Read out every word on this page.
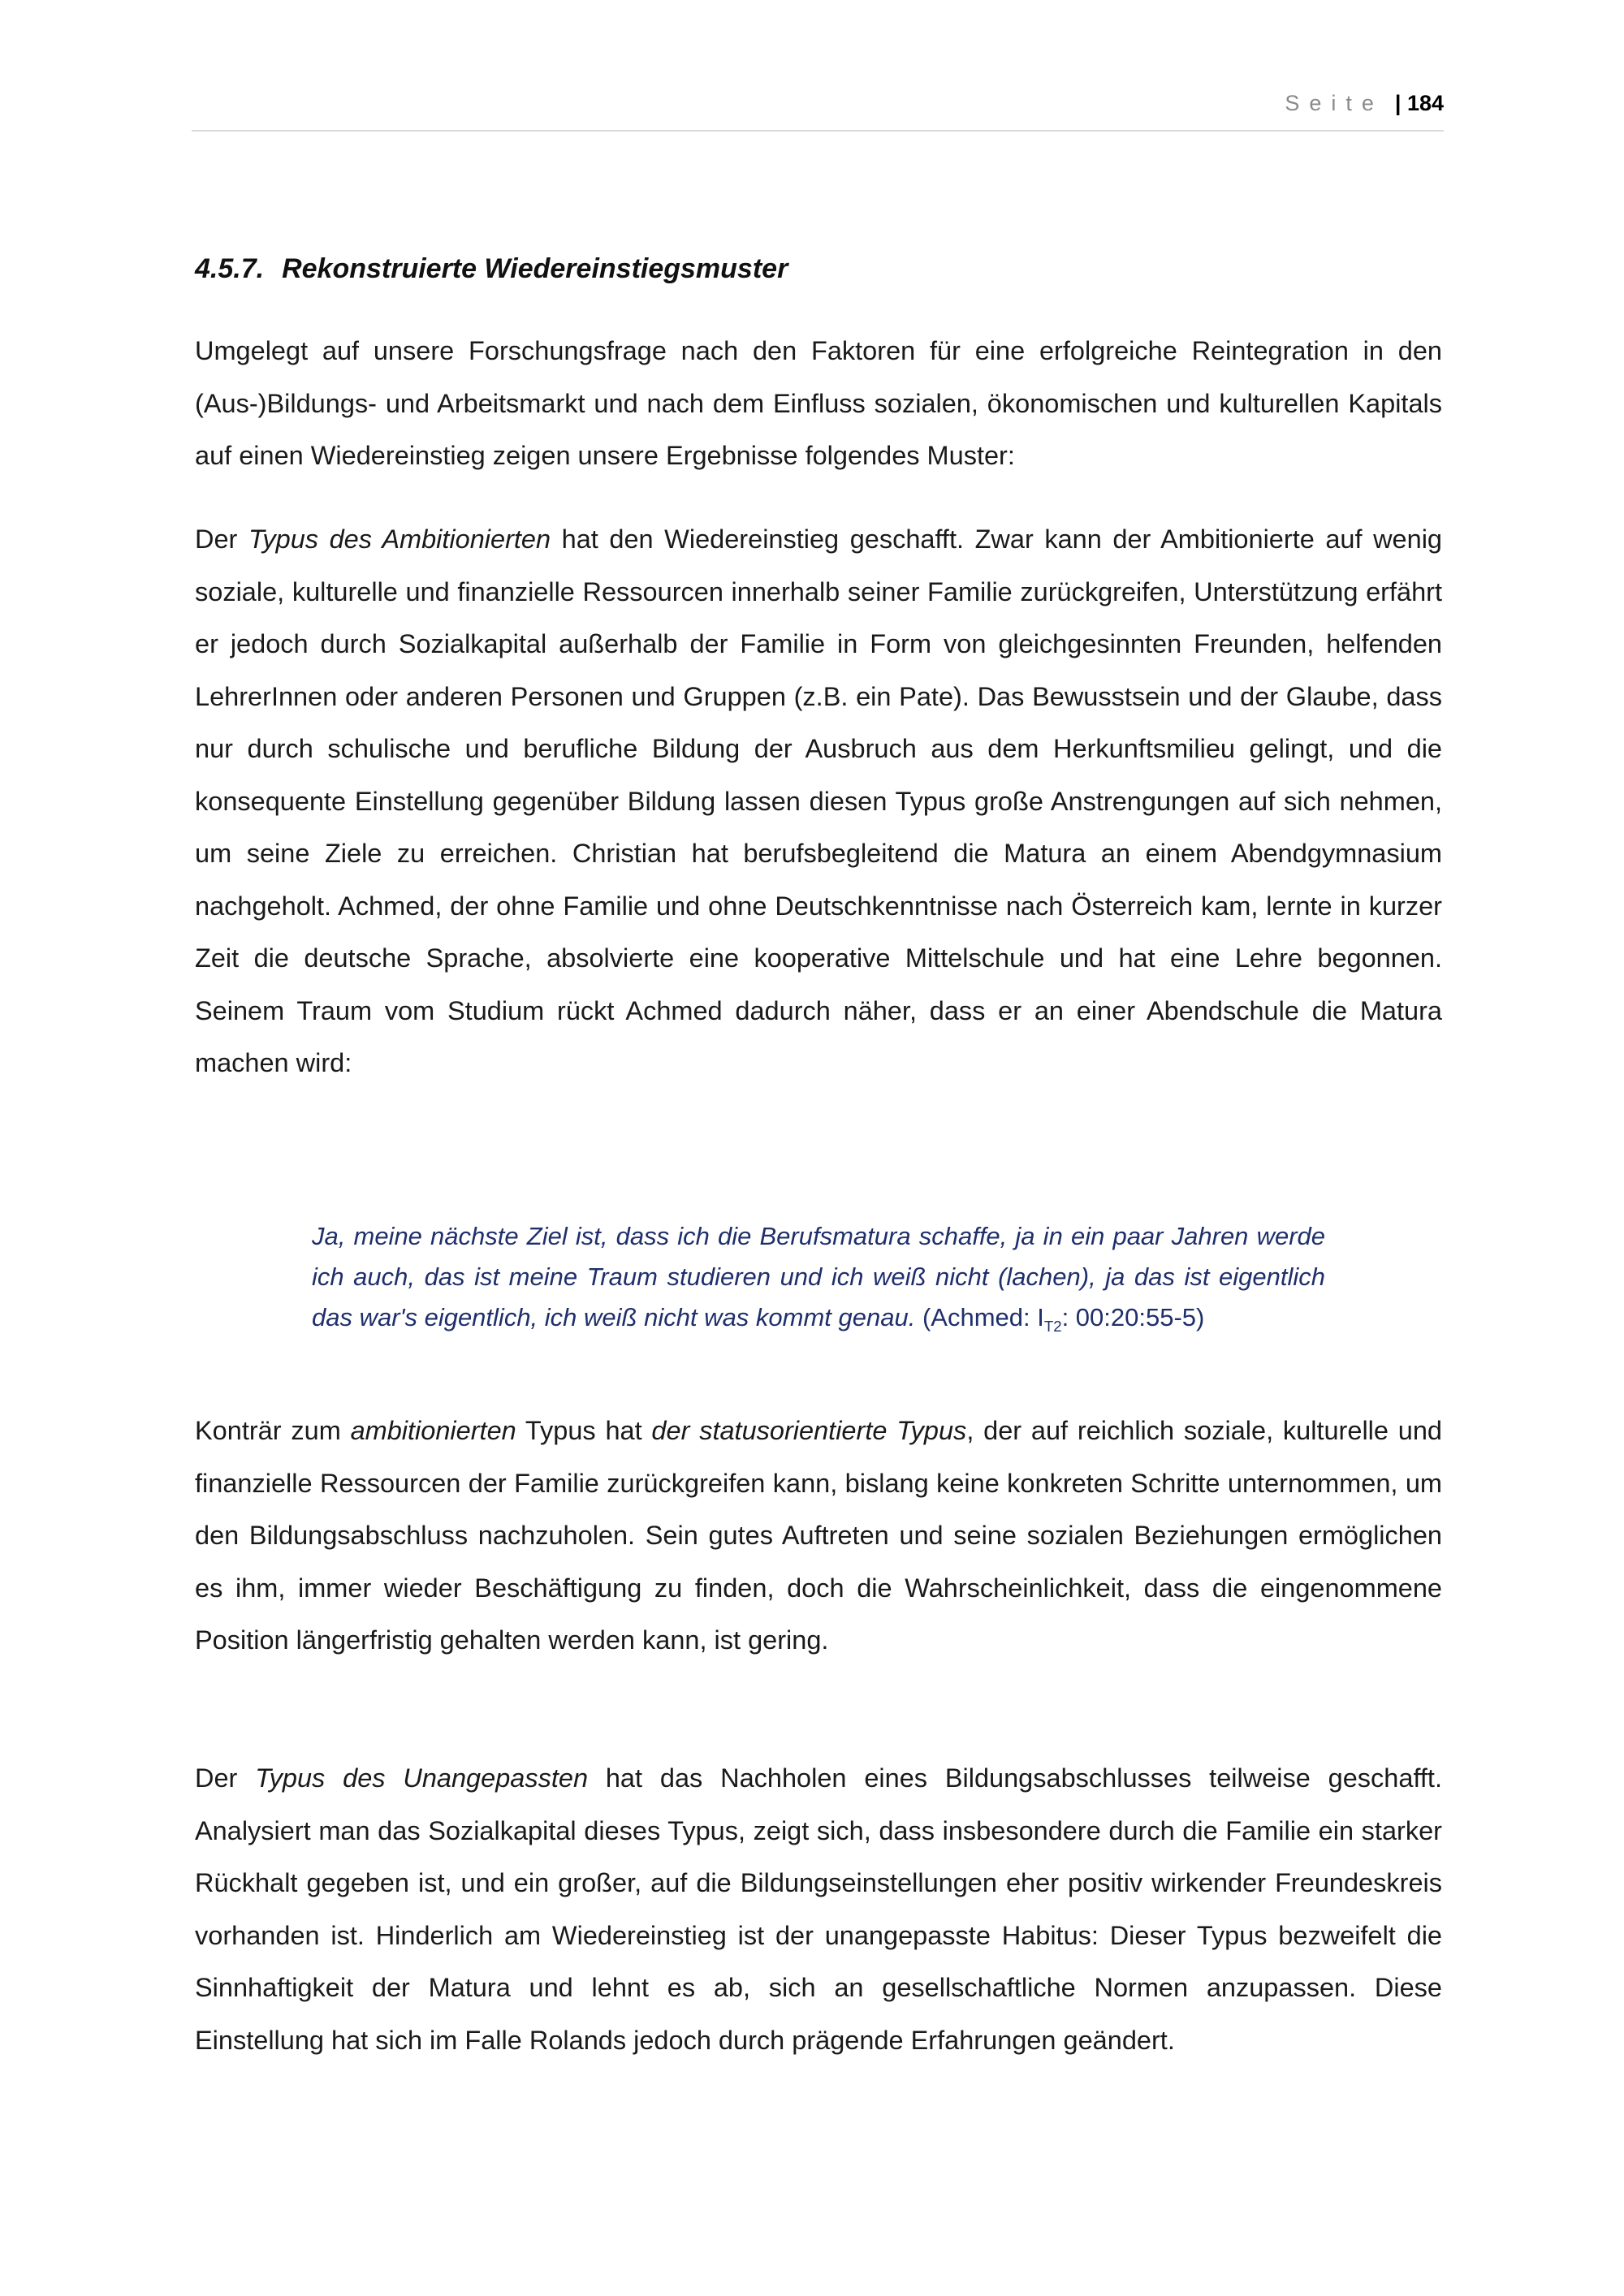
Seite | 184
4.5.7. Rekonstruierte Wiedereinstiegsmuster

Umgelegt auf unsere Forschungsfrage nach den Faktoren für eine erfolgreiche Reintegration in den (Aus-)Bildungs- und Arbeitsmarkt und nach dem Einfluss sozialen, ökonomischen und kulturellen Kapitals auf einen Wiedereinstieg zeigen unsere Ergebnisse folgendes Muster:

Der Typus des Ambitionierten hat den Wiedereinstieg geschafft. Zwar kann der Ambitionierte auf wenig soziale, kulturelle und finanzielle Ressourcen innerhalb seiner Familie zurückgreifen, Unterstützung erfährt er jedoch durch Sozialkapital außerhalb der Familie in Form von gleichgesinnten Freunden, helfenden LehrerInnen oder anderen Personen und Gruppen (z.B. ein Pate). Das Bewusstsein und der Glaube, dass nur durch schulische und berufliche Bildung der Ausbruch aus dem Herkunftsmilieu gelingt, und die konsequente Einstellung gegenüber Bildung lassen diesen Typus große Anstrengungen auf sich nehmen, um seine Ziele zu erreichen. Christian hat berufsbegleitend die Matura an einem Abendgymnasium nachgeholt. Achmed, der ohne Familie und ohne Deutschkenntnisse nach Österreich kam, lernte in kurzer Zeit die deutsche Sprache, absolvierte eine kooperative Mittelschule und hat eine Lehre begonnen. Seinem Traum vom Studium rückt Achmed dadurch näher, dass er an einer Abendschule die Matura machen wird:

Ja, meine nächste Ziel ist, dass ich die Berufsmatura schaffe, ja in ein paar Jahren werde ich auch, das ist meine Traum studieren und ich weiß nicht (lachen), ja das ist eigentlich das war's eigentlich, ich weiß nicht was kommt genau. (Achmed: $I_{T2}$: 00:20:55-5)

Konträr zum ambitionierten Typus hat der statusorientierte Typus, der auf reichlich soziale, kulturelle und finanzielle Ressourcen der Familie zurückgreifen kann, bislang keine konkreten Schritte unternommen, um den Bildungsabschluss nachzuholen. Sein gutes Auftreten und seine sozialen Beziehungen ermöglichen es ihm, immer wieder Beschäftigung zu finden, doch die Wahrscheinlichkeit, dass die eingenommene Position längerfristig gehalten werden kann, ist gering.

Der Typus des Unangepassten hat das Nachholen eines Bildungsabschlusses teilweise geschafft. Analysiert man das Sozialkapital dieses Typus, zeigt sich, dass insbesondere durch die Familie ein starker Rückhalt gegeben ist, und ein großer, auf die Bildungseinstellungen eher positiv wirkender Freundeskreis vorhanden ist. Hinderlich am Wiedereinstieg ist der unangepasste Habitus: Dieser Typus bezweifelt die Sinnhaftigkeit der Matura und lehnt es ab, sich an gesellschaftliche Normen anzupassen. Diese Einstellung hat sich im Falle Rolands jedoch durch prägende Erfahrungen geändert.
